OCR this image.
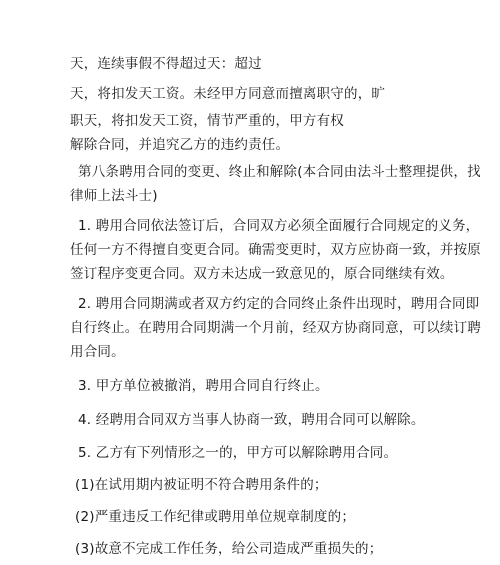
天，连续事假不得超过天：超过
天，将扣发天工资。未经甲方同意而擅离职守的，旷
职天，将扣发天工资，情节严重的，甲方有权
解除合同，并追究乙方的违约责任。
第八条聘用合同的变更、终止和解除(本合同由法斗士整理提供，找
律师上法斗士)
1. 聘用合同依法签订后，合同双方必须全面履行合同规定的义务，
任何一方不得擅自变更合同。确需变更时，双方应协商一致，并按原
签订程序变更合同。双方未达成一致意见的，原合同继续有效。
2. 聘用合同期满或者双方约定的合同终止条件出现时，聘用合同即
自行终止。在聘用合同期满一个月前，经双方协商同意，可以续订聘
用合同。
3. 甲方单位被撤消，聘用合同自行终止。
4. 经聘用合同双方当事人协商一致，聘用合同可以解除。
5. 乙方有下列情形之一的，甲方可以解除聘用合同。
(1)在试用期内被证明不符合聘用条件的；
(2)严重违反工作纪律或聘用单位规章制度的；
(3)故意不完成工作任务，给公司造成严重损失的；
